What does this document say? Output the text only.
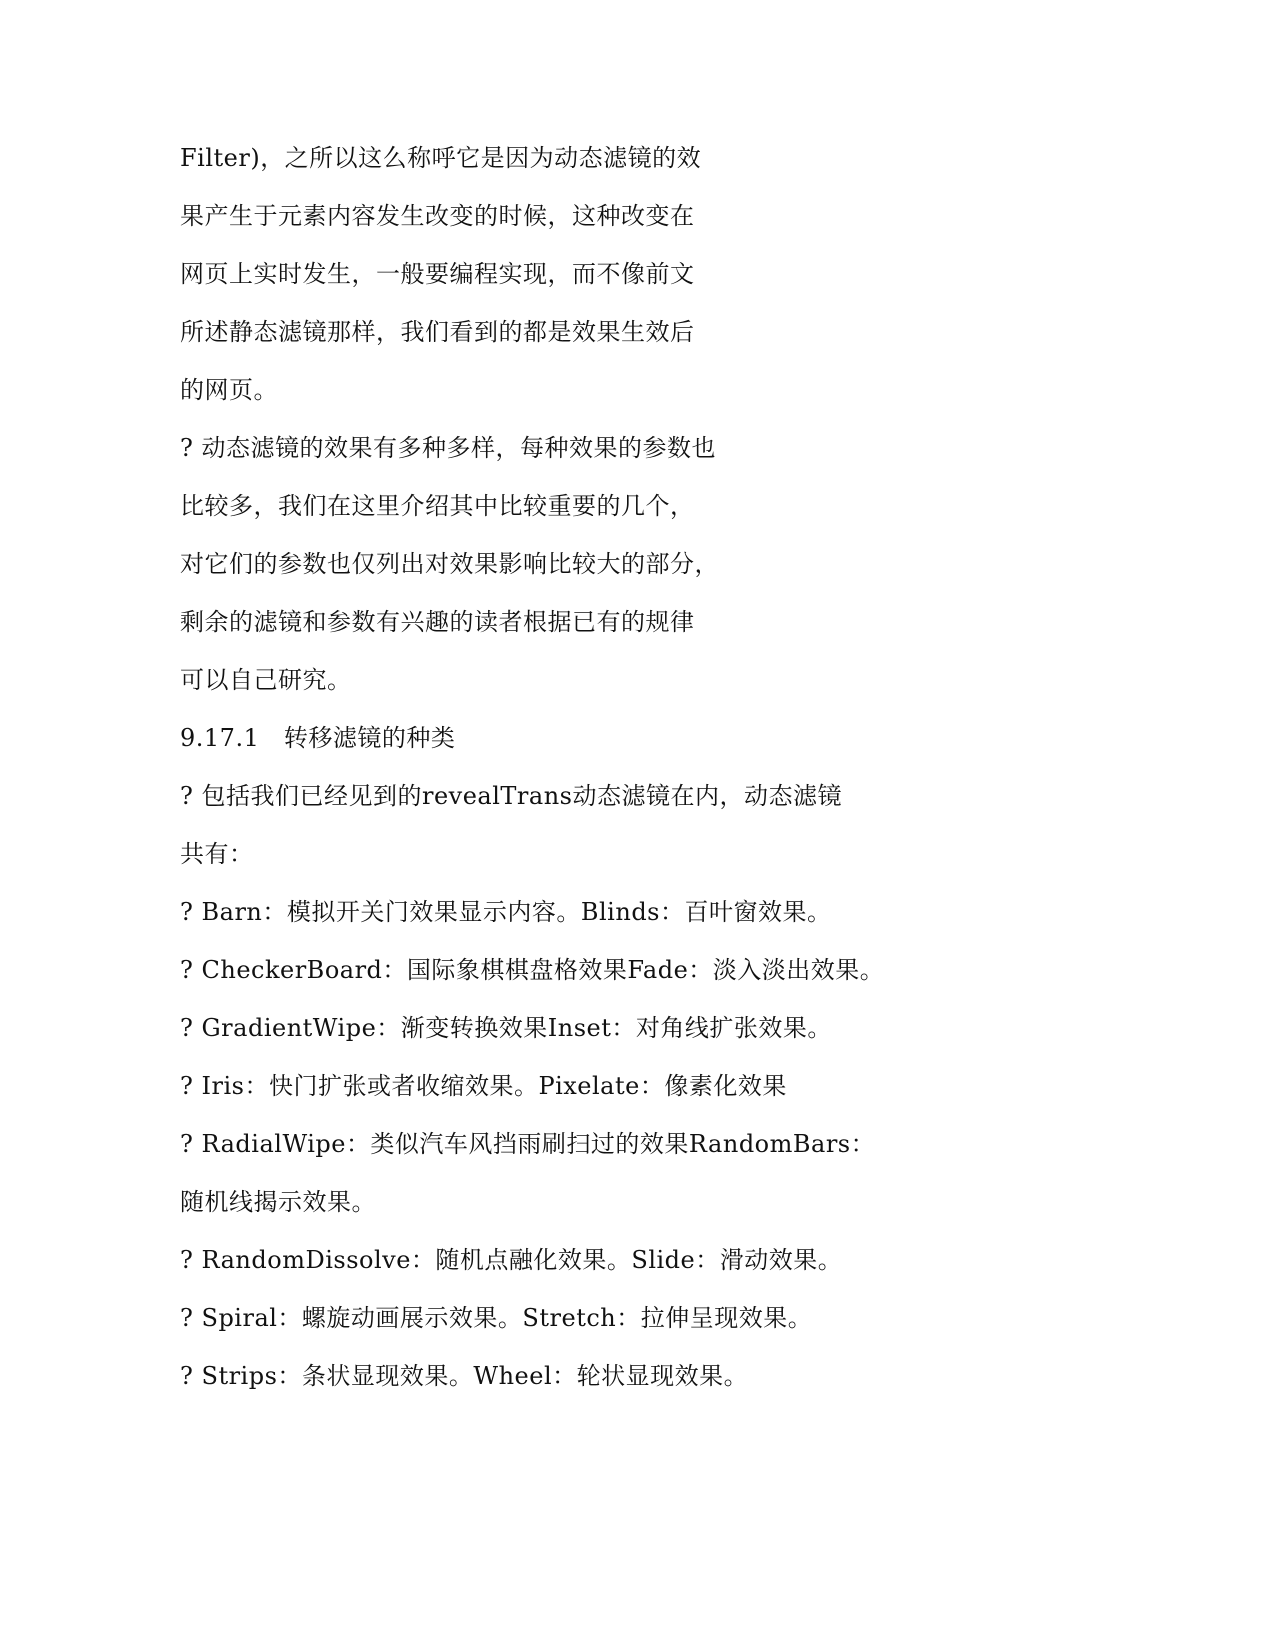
Filter)，之所以这么称呼它是因为动态滤镜的效
果产生于元素内容发生改变的时候，这种改变在
网页上实时发生，一般要编程实现，而不像前文
所述静态滤镜那样，我们看到的都是效果生效后
的网页。
? 动态滤镜的效果有多种多样，每种效果的参数也
比较多，我们在这里介绍其中比较重要的几个，
对它们的参数也仅列出对效果影响比较大的部分，
剩余的滤镜和参数有兴趣的读者根据已有的规律
可以自己研究。
9.17.1　转移滤镜的种类
? 包括我们已经见到的revealTrans动态滤镜在内，动态滤镜
共有：
? Barn：模拟开关门效果显示内容。Blinds：百叶窗效果。
? CheckerBoard：国际象棋棋盘格效果Fade：淡入淡出效果。
? GradientWipe：渐变转换效果Inset：对角线扩张效果。
? Iris：快门扩张或者收缩效果。Pixelate：像素化效果
? RadialWipe：类似汽车风挡雨刷扫过的效果RandomBars：
随机线揭示效果。
? RandomDissolve：随机点融化效果。Slide：滑动效果。
? Spiral：螺旋动画展示效果。Stretch：拉伸呈现效果。
? Strips：条状显现效果。Wheel：轮状显现效果。
